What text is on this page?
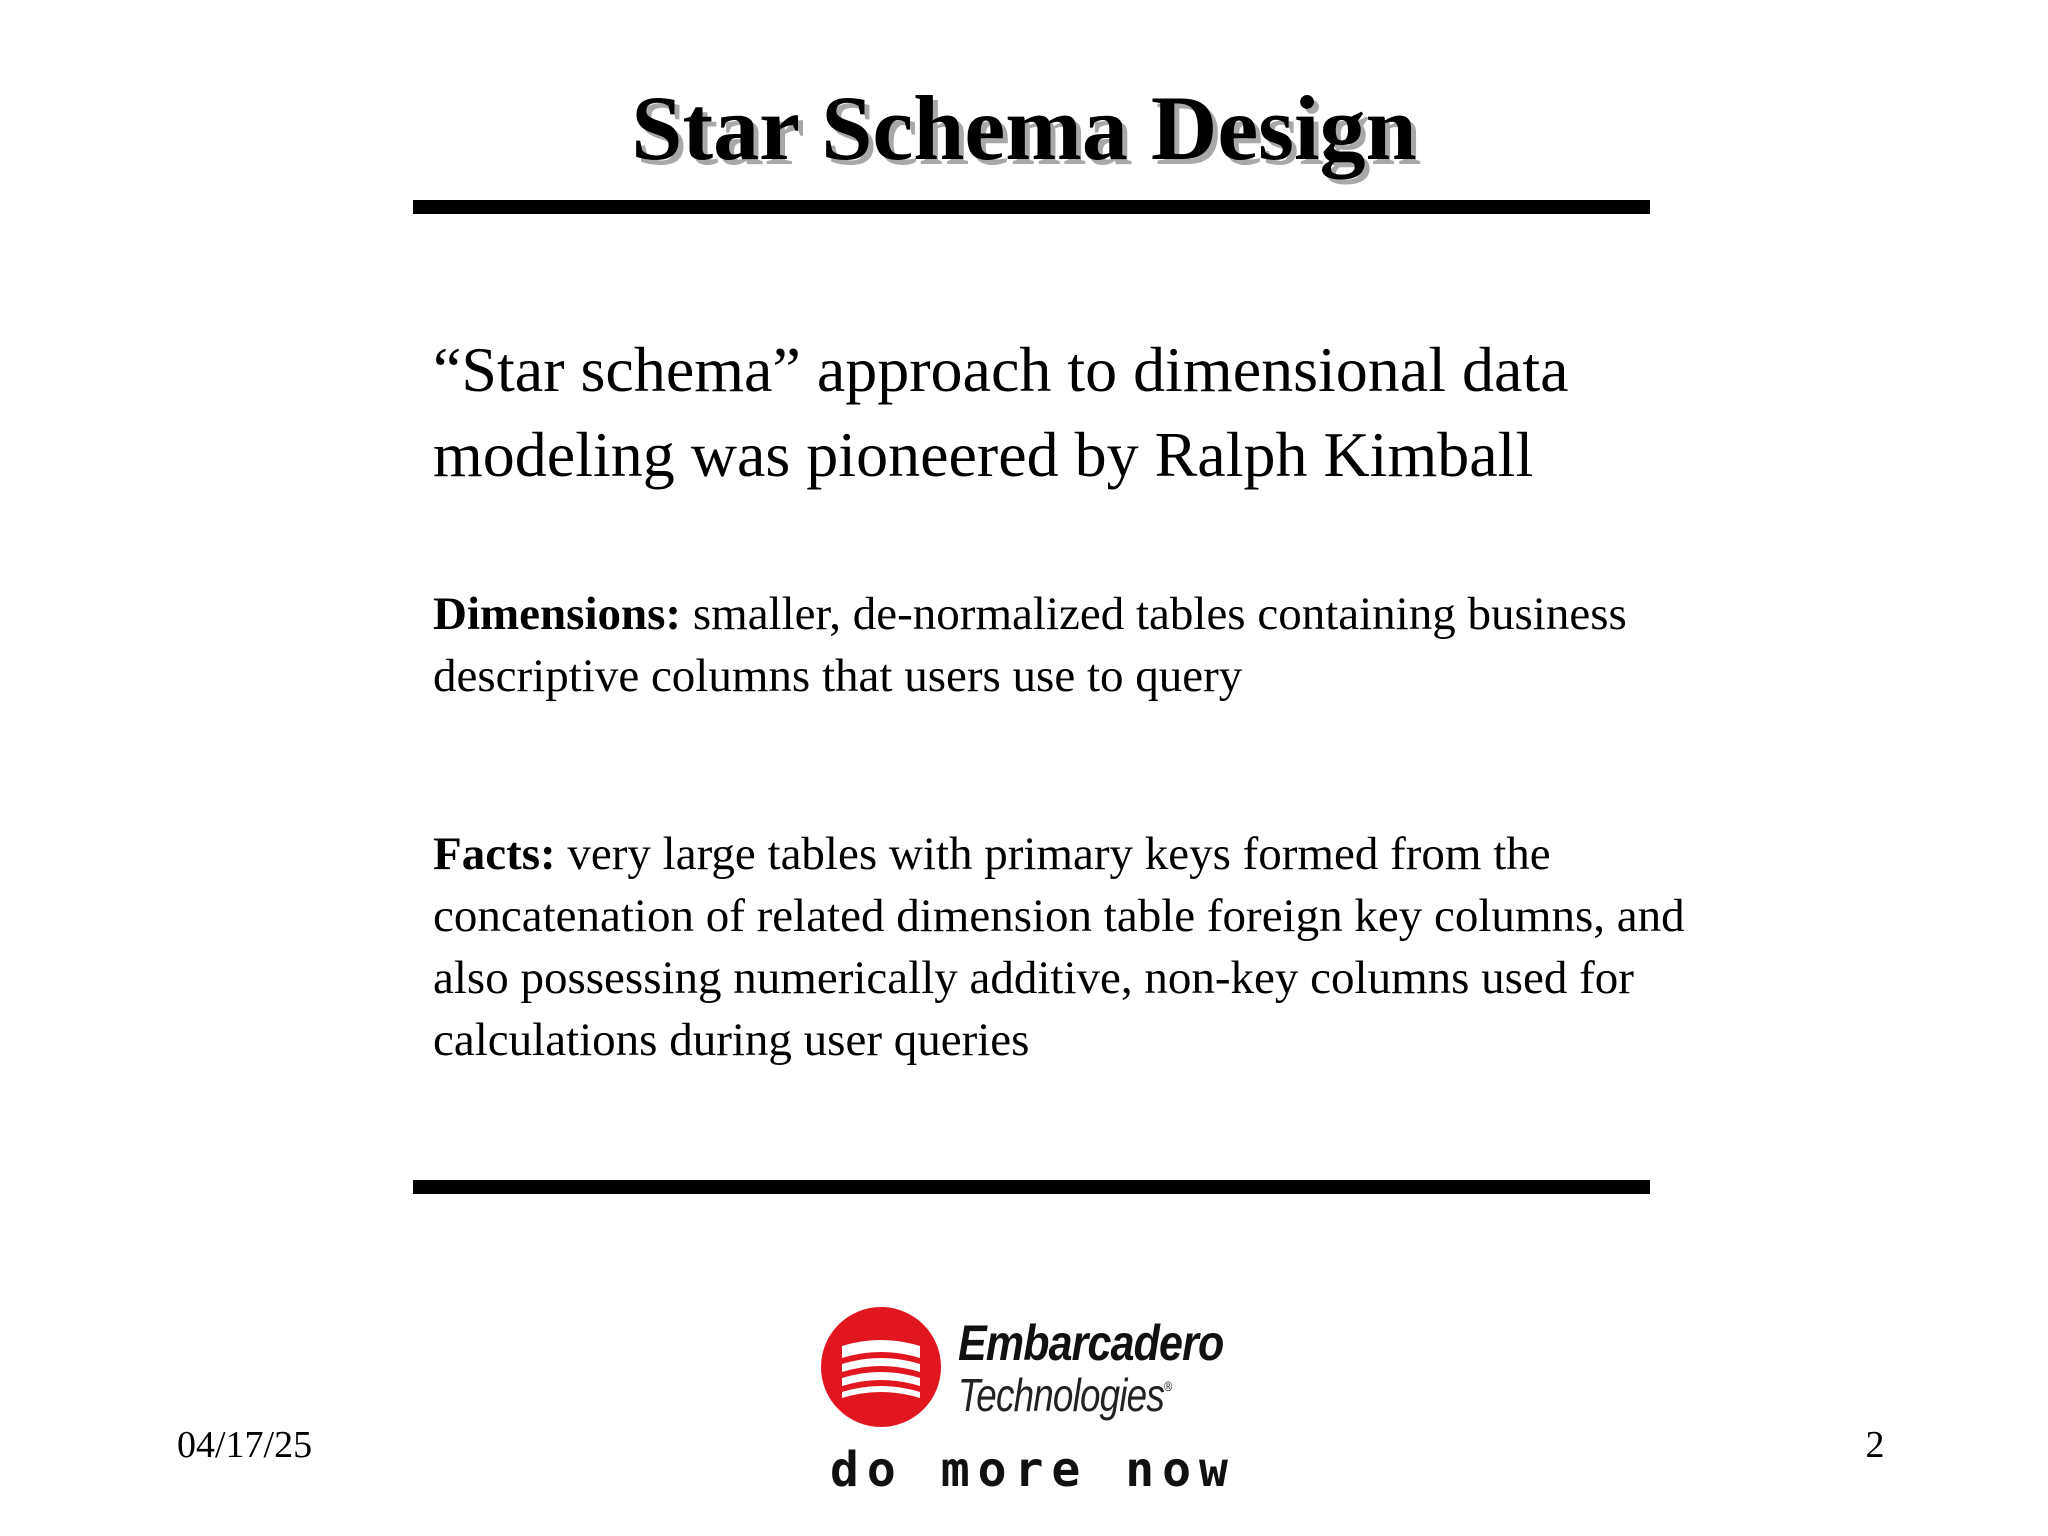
Star Schema Design

“Star schema” approach to dimensional data modeling was pioneered by Ralph Kimball

Dimensions: smaller, de-normalized tables containing business descriptive columns that users use to query

Facts: very large tables with primary keys formed from the concatenation of related dimension table foreign key columns, and also possessing numerically additive, non-key columns used for calculations during user queries

04/17/25
Embarcadero
Technologies®
do more now	2
